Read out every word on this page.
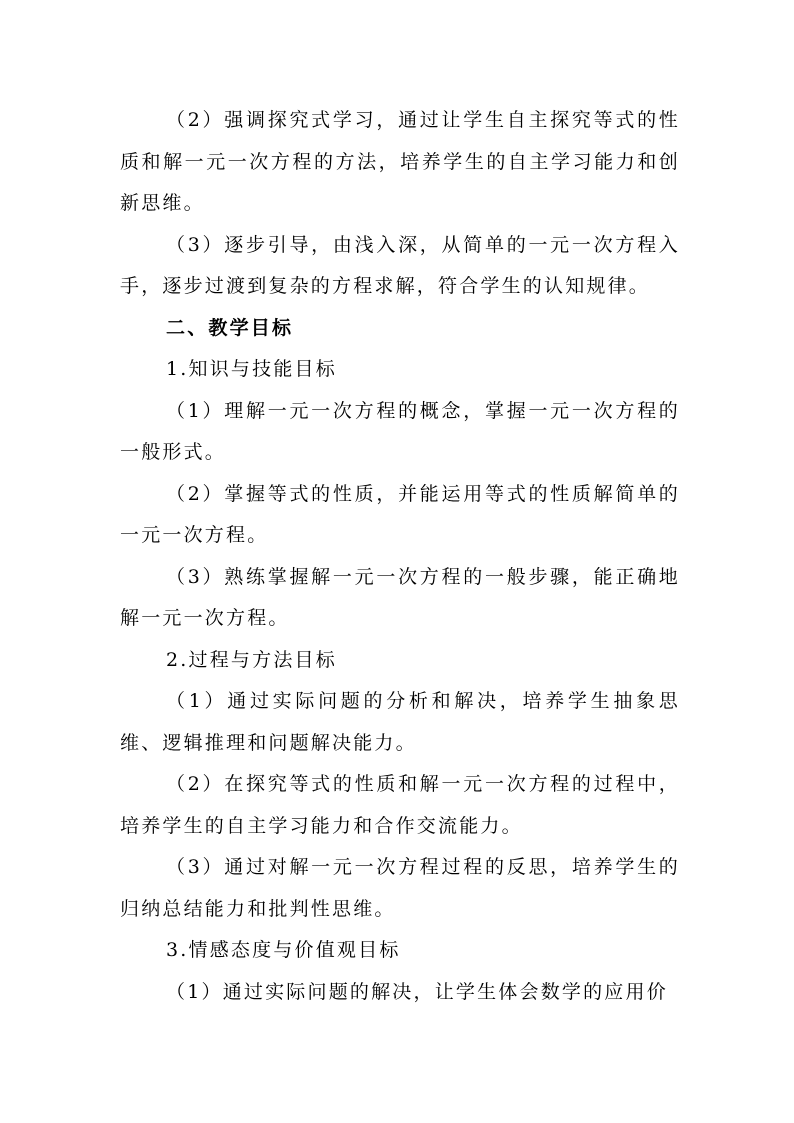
（2）强调探究式学习，通过让学生自主探究等式的性质和解一元一次方程的方法，培养学生的自主学习能力和创新思维。

（3）逐步引导，由浅入深，从简单的一元一次方程入手，逐步过渡到复杂的方程求解，符合学生的认知规律。

二、教学目标

1.知识与技能目标

（1）理解一元一次方程的概念，掌握一元一次方程的一般形式。

（2）掌握等式的性质，并能运用等式的性质解简单的一元一次方程。

（3）熟练掌握解一元一次方程的一般步骤，能正确地解一元一次方程。

2.过程与方法目标

（1）通过实际问题的分析和解决，培养学生抽象思维、逻辑推理和问题解决能力。

（2）在探究等式的性质和解一元一次方程的过程中，培养学生的自主学习能力和合作交流能力。

（3）通过对解一元一次方程过程的反思，培养学生的归纳总结能力和批判性思维。

3.情感态度与价值观目标

（1）通过实际问题的解决，让学生体会数学的应用价
